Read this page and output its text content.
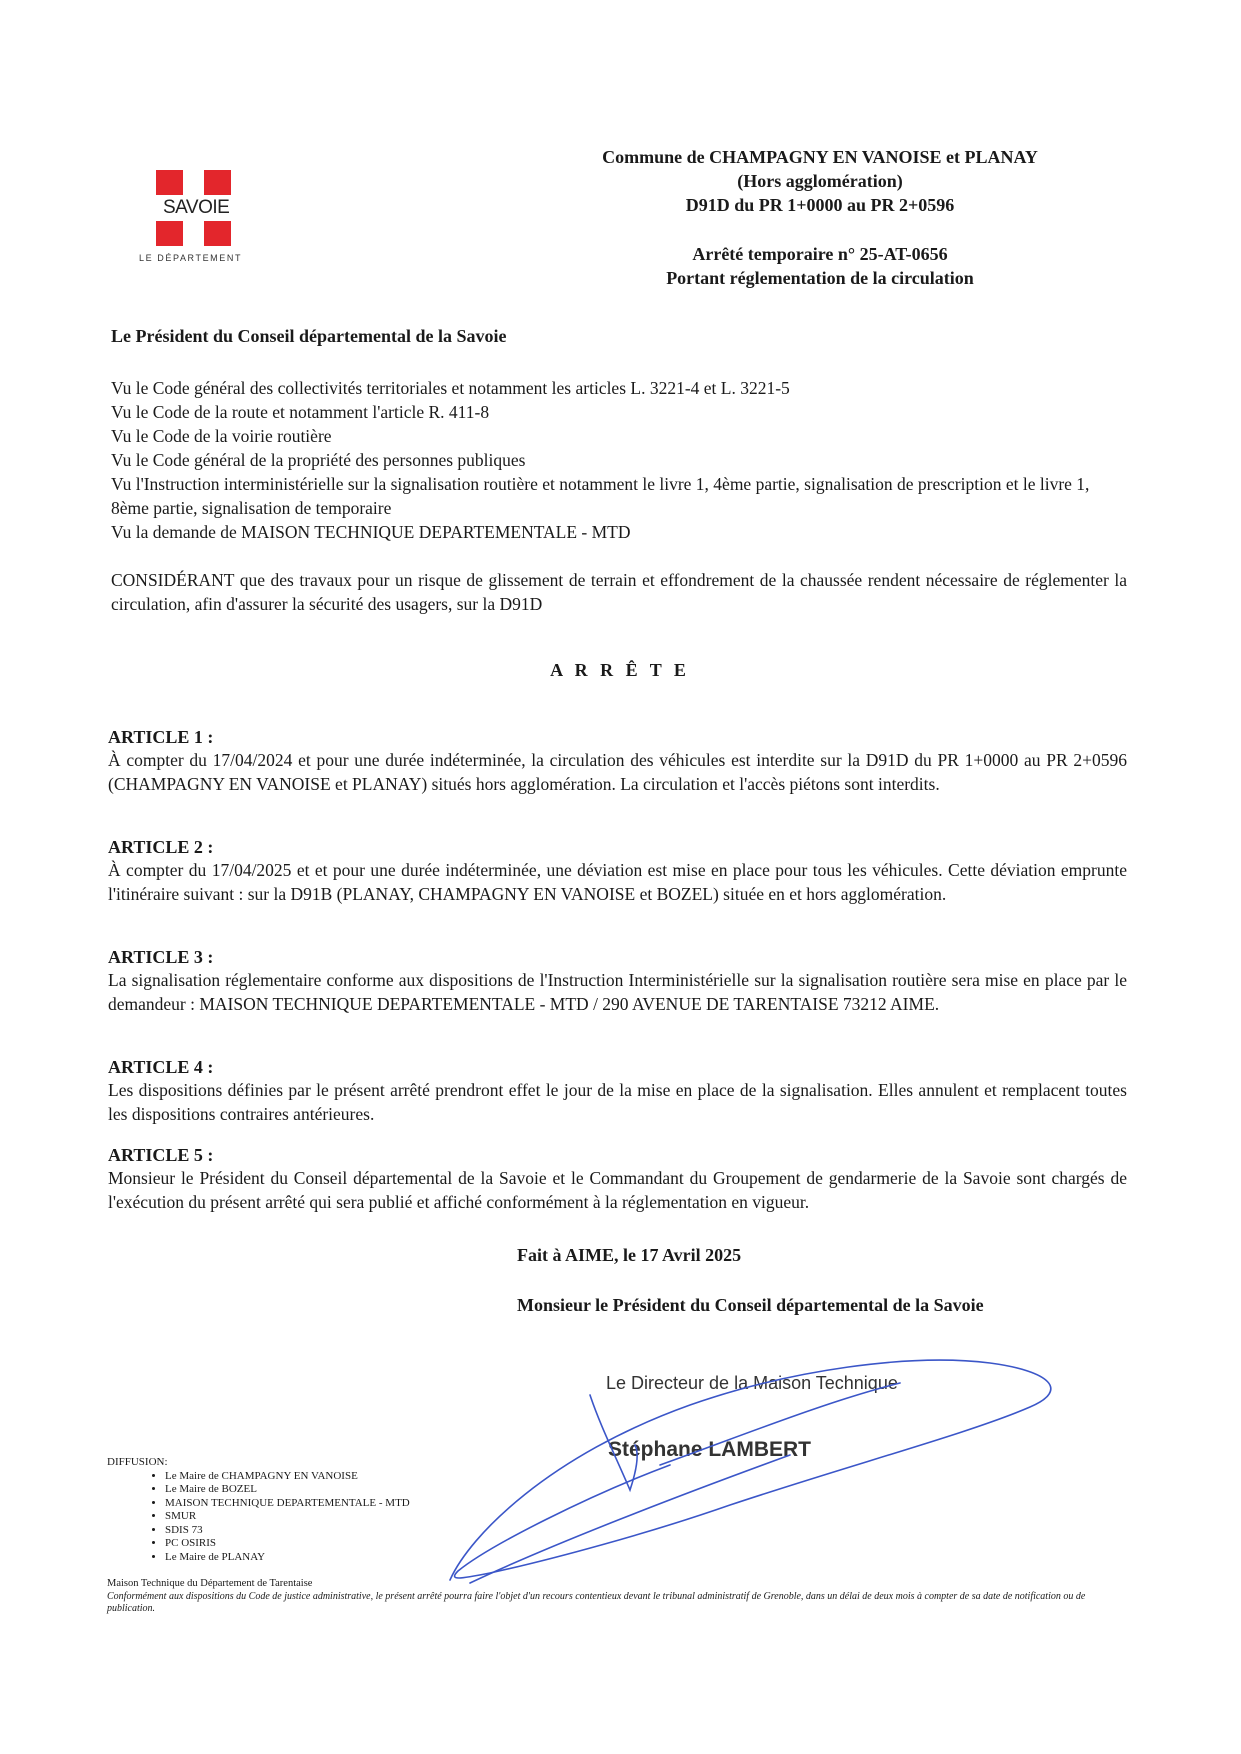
SAVOIE
LE DÉPARTEMENT
Commune de CHAMPAGNY EN VANOISE et PLANAY
(Hors agglomération)
D91D du PR 1+0000 au PR 2+0596
Arrêté temporaire n° 25-AT-0656
Portant réglementation de la circulation
Le Président du Conseil départemental de la Savoie
Vu le Code général des collectivités territoriales et notamment les articles L. 3221-4 et L. 3221-5
Vu le Code de la route et notamment l'article R. 411-8
Vu le Code de la voirie routière
Vu le Code général de la propriété des personnes publiques
Vu l'Instruction interministérielle sur la signalisation routière et notamment le livre 1, 4ème partie, signalisation de prescription et le livre 1, 8ème partie, signalisation de temporaire
Vu la demande de MAISON TECHNIQUE DEPARTEMENTALE - MTD
CONSIDÉRANT que des travaux pour un risque de glissement de terrain et effondrement de la chaussée rendent nécessaire de réglementer la circulation, afin d'assurer la sécurité des usagers, sur la D91D
A R R Ê T E
ARTICLE 1 :
À compter du 17/04/2024 et pour une durée indéterminée, la circulation des véhicules est interdite sur la D91D du PR 1+0000 au PR 2+0596 (CHAMPAGNY EN VANOISE et PLANAY) situés hors agglomération. La circulation et l'accès piétons sont interdits.
ARTICLE 2 :
À compter du 17/04/2025 et et pour une durée indéterminée, une déviation est mise en place pour tous les véhicules. Cette déviation emprunte l'itinéraire suivant : sur la D91B (PLANAY, CHAMPAGNY EN VANOISE et BOZEL) située en et hors agglomération.
ARTICLE 3 :
La signalisation réglementaire conforme aux dispositions de l'Instruction Interministérielle sur la signalisation routière sera mise en place par le demandeur : MAISON TECHNIQUE DEPARTEMENTALE - MTD / 290 AVENUE DE TARENTAISE 73212 AIME.
ARTICLE 4 :
Les dispositions définies par le présent arrêté prendront effet le jour de la mise en place de la signalisation. Elles annulent et remplacent toutes les dispositions contraires antérieures.
ARTICLE 5 :
Monsieur le Président du Conseil départemental de la Savoie et le Commandant du Groupement de gendarmerie de la Savoie sont chargés de l'exécution du présent arrêté qui sera publié et affiché conformément à la réglementation en vigueur.
Fait à AIME, le 17 Avril 2025
Monsieur le Président du Conseil départemental de la Savoie
Le Directeur de la Maison Technique
Stéphane LAMBERT
DIFFUSION:
• Le Maire de CHAMPAGNY EN VANOISE
• Le Maire de BOZEL
• MAISON TECHNIQUE DEPARTEMENTALE - MTD
• SMUR
• SDIS 73
• PC OSIRIS
• Le Maire de PLANAY
Maison Technique du Département de Tarentaise
Conformément aux dispositions du Code de justice administrative, le présent arrêté pourra faire l'objet d'un recours contentieux devant le tribunal administratif de Grenoble, dans un délai de deux mois à compter de sa date de notification ou de publication.
